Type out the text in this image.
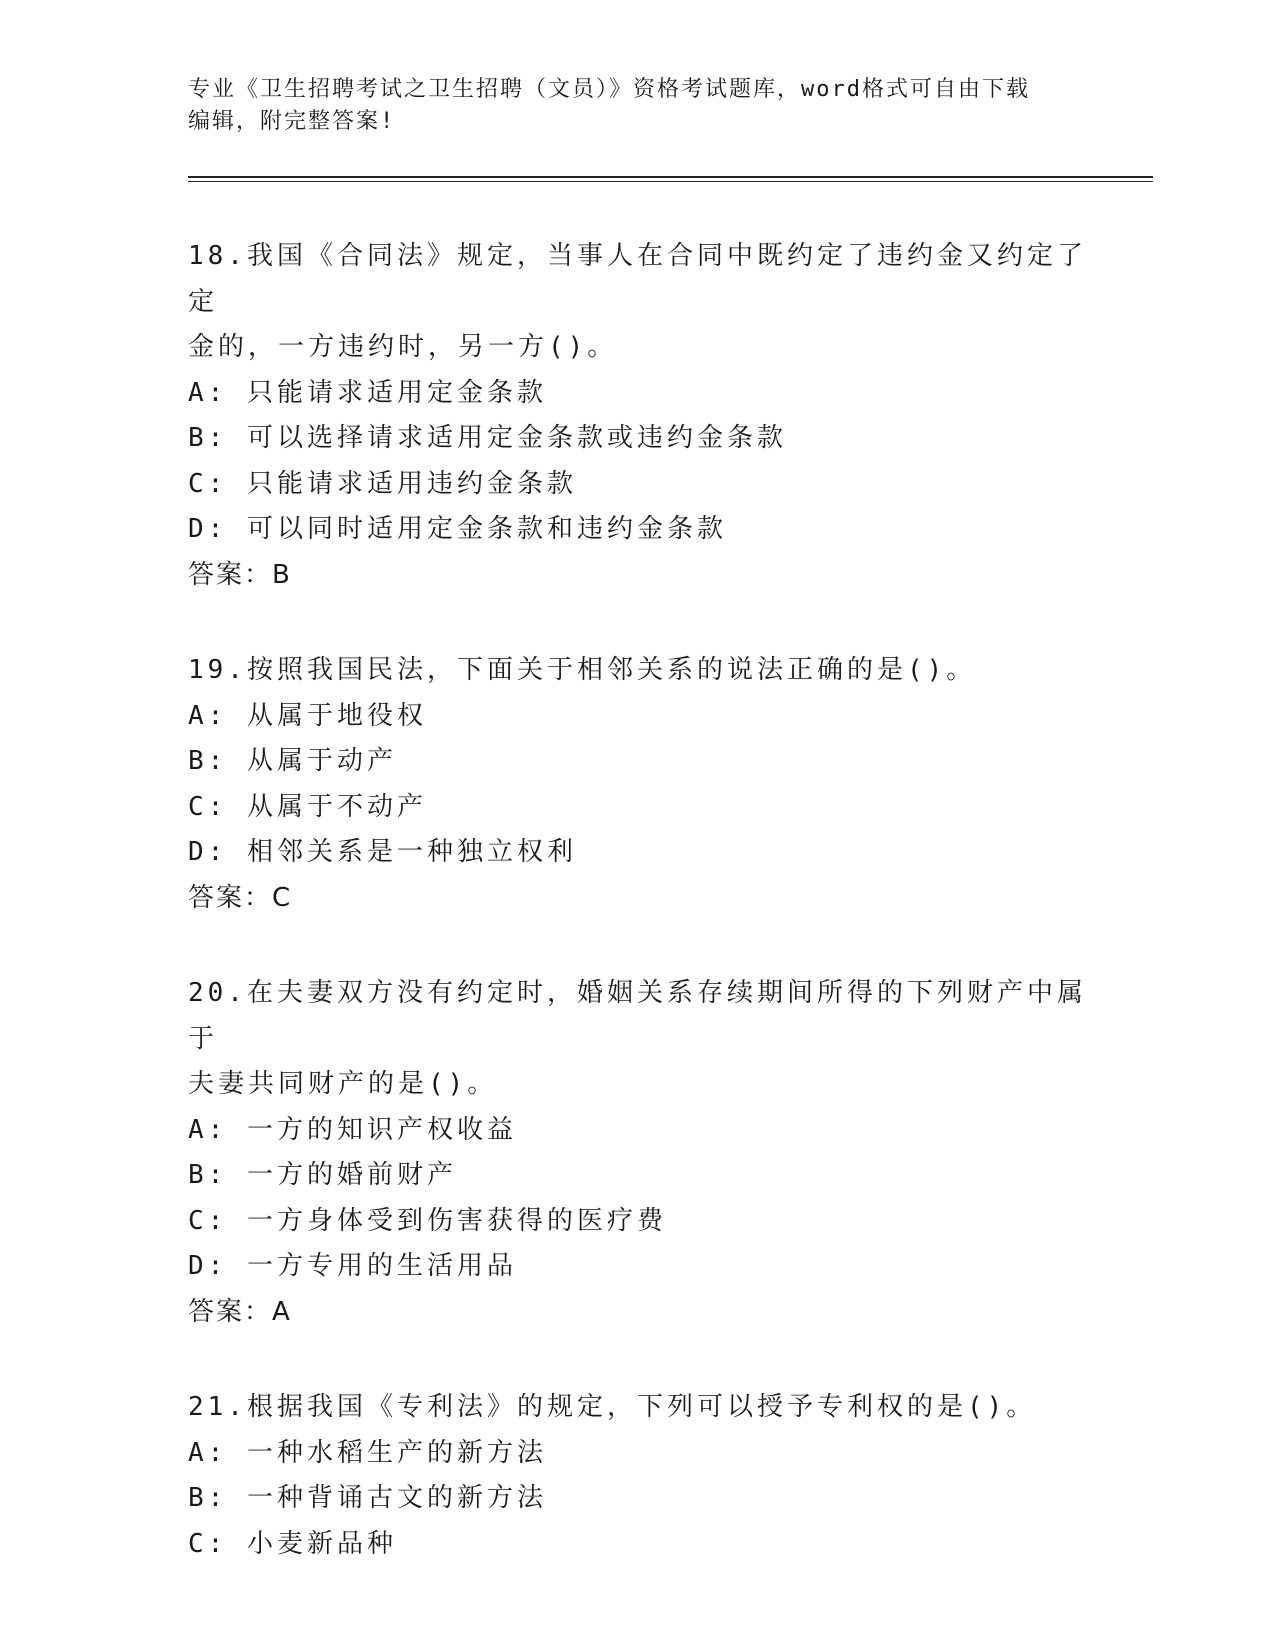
专业《卫生招聘考试之卫生招聘（文员）》资格考试题库，word格式可自由下载

编辑，附完整答案!

18.我国《合同法》规定，当事人在合同中既约定了违约金又约定了定
金的，一方违约时，另一方()。
A: 只能请求适用定金条款
B: 可以选择请求适用定金条款或违约金条款
C: 只能请求适用违约金条款
D: 可以同时适用定金条款和违约金条款
答案：B
19.按照我国民法，下面关于相邻关系的说法正确的是()。
A: 从属于地役权
B: 从属于动产
C: 从属于不动产
D: 相邻关系是一种独立权利
答案：C
20.在夫妻双方没有约定时，婚姻关系存续期间所得的下列财产中属于
夫妻共同财产的是()。
A: 一方的知识产权收益
B: 一方的婚前财产
C: 一方身体受到伤害获得的医疗费
D: 一方专用的生活用品
答案：A
21.根据我国《专利法》的规定，下列可以授予专利权的是()。
A: 一种水稻生产的新方法
B: 一种背诵古文的新方法
C: 小麦新品种
